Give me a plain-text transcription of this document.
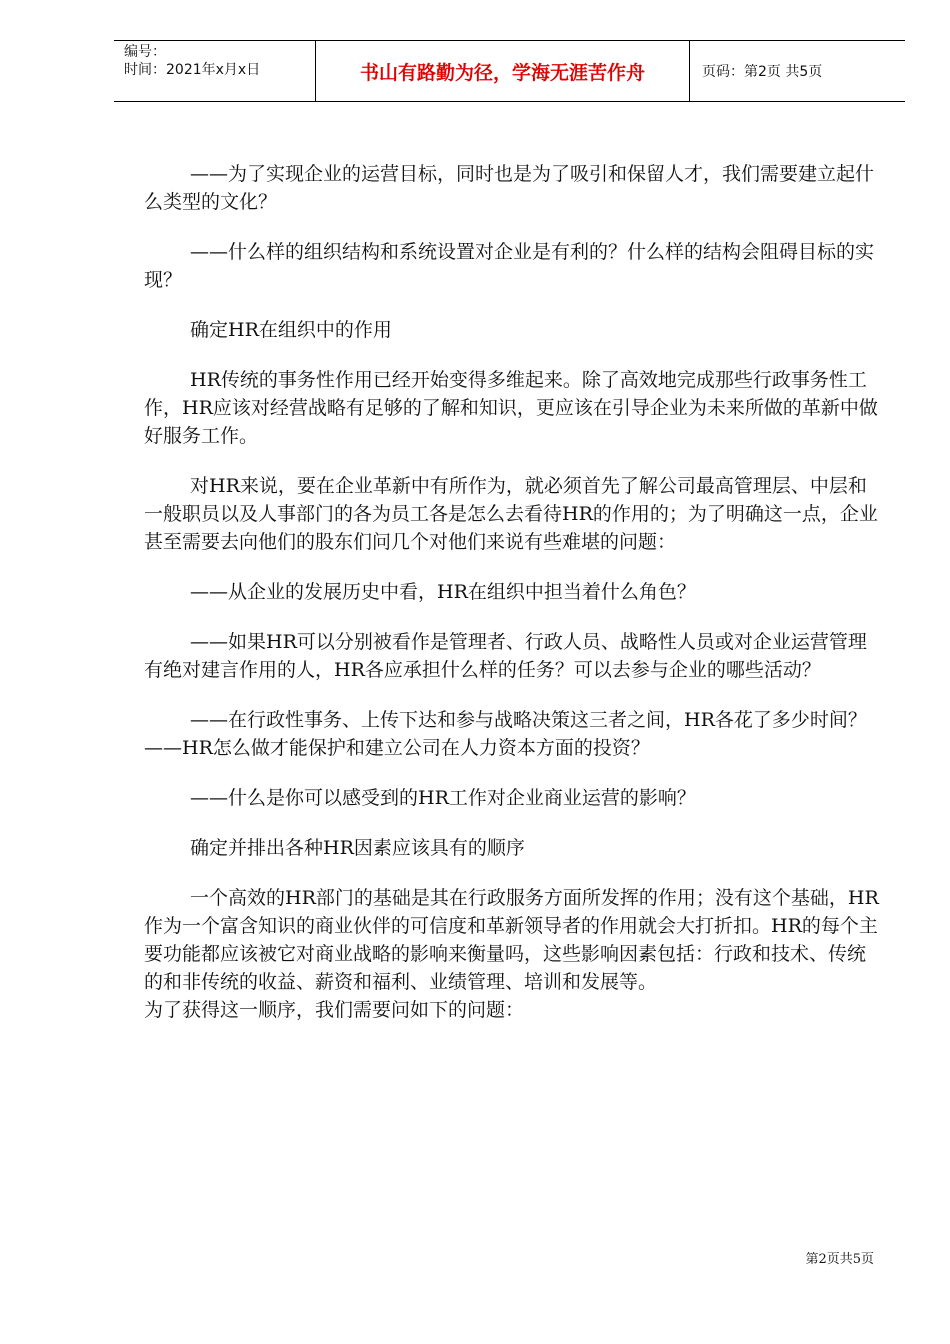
编号：
时间：2021年x月x日	书山有路勤为径，学海无涯苦作舟	页码：第2页 共5页

——为了实现企业的运营目标，同时也是为了吸引和保留人才，我们需要建立起什么类型的文化？

——什么样的组织结构和系统设置对企业是有利的？什么样的结构会阻碍目标的实现？

确定HR在组织中的作用

HR传统的事务性作用已经开始变得多维起来。除了高效地完成那些行政事务性工作，HR应该对经营战略有足够的了解和知识，更应该在引导企业为未来所做的革新中做好服务工作。

对HR来说，要在企业革新中有所作为，就必须首先了解公司最高管理层、中层和一般职员以及人事部门的各为员工各是怎么去看待HR的作用的；为了明确这一点，企业甚至需要去向他们的股东们问几个对他们来说有些难堪的问题：

——从企业的发展历史中看，HR在组织中担当着什么角色？

——如果HR可以分别被看作是管理者、行政人员、战略性人员或对企业运营管理有绝对建言作用的人，HR各应承担什么样的任务？可以去参与企业的哪些活动？

——在行政性事务、上传下达和参与战略决策这三者之间，HR各花了多少时间？　——HR怎么做才能保护和建立公司在人力资本方面的投资？

——什么是你可以感受到的HR工作对企业商业运营的影响？

确定并排出各种HR因素应该具有的顺序

一个高效的HR部门的基础是其在行政服务方面所发挥的作用；没有这个基础，HR作为一个富含知识的商业伙伴的可信度和革新领导者的作用就会大打折扣。HR的每个主要功能都应该被它对商业战略的影响来衡量吗，这些影响因素包括：行政和技术、传统的和非传统的收益、薪资和福利、业绩管理、培训和发展等。

为了获得这一顺序，我们需要问如下的问题：

第2页共5页
